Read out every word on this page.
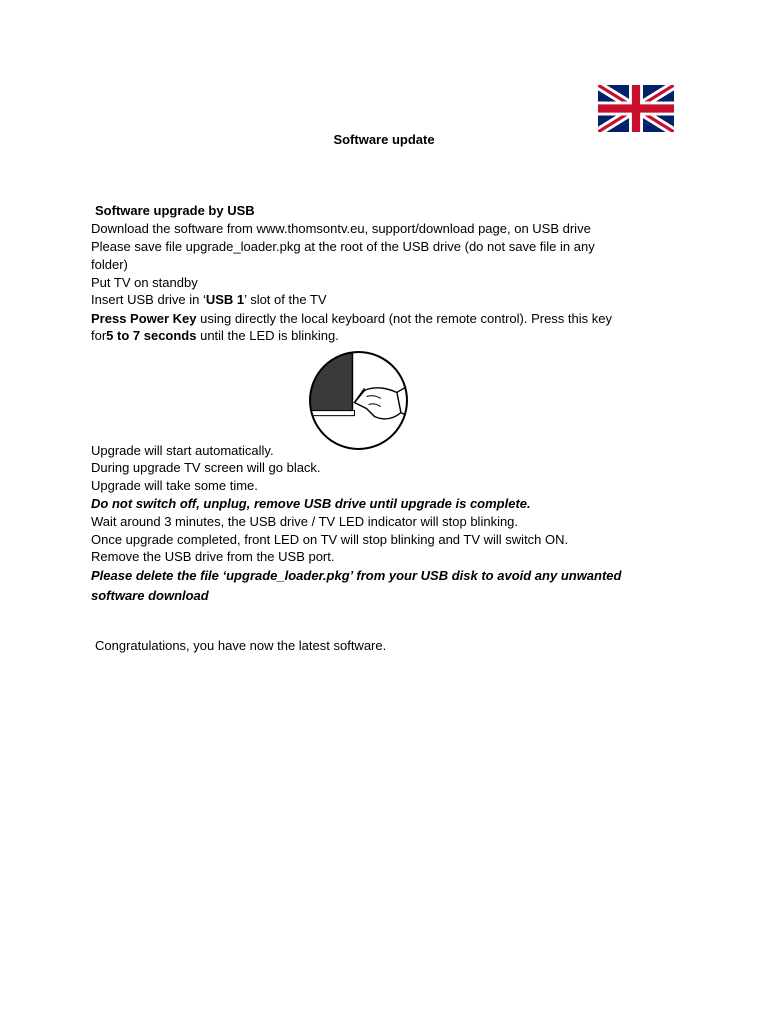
Software update
Software upgrade by USB
Download the software from www.thomsontv.eu, support/download page, on USB drive
Please save file upgrade_loader.pkg at the root of the USB drive (do not save file in any
folder)
Put TV on standby
Insert USB drive in ‘USB 1’ slot of the TV
Press Power Key using directly the local keyboard (not the remote control). Press this key
for5 to 7 seconds until the LED is blinking.
Upgrade will start automatically.
During upgrade TV screen will go black.
Upgrade will take some time.
Do not switch off, unplug, remove USB drive until upgrade is complete.
Wait around 3 minutes, the USB drive / TV LED indicator will stop blinking.
Once upgrade completed, front LED on TV will stop blinking and TV will switch ON.
Remove the USB drive from the USB port.
Please delete the file ‘upgrade_loader.pkg’ from your USB disk to avoid any unwanted
software download
Congratulations, you have now the latest software.
